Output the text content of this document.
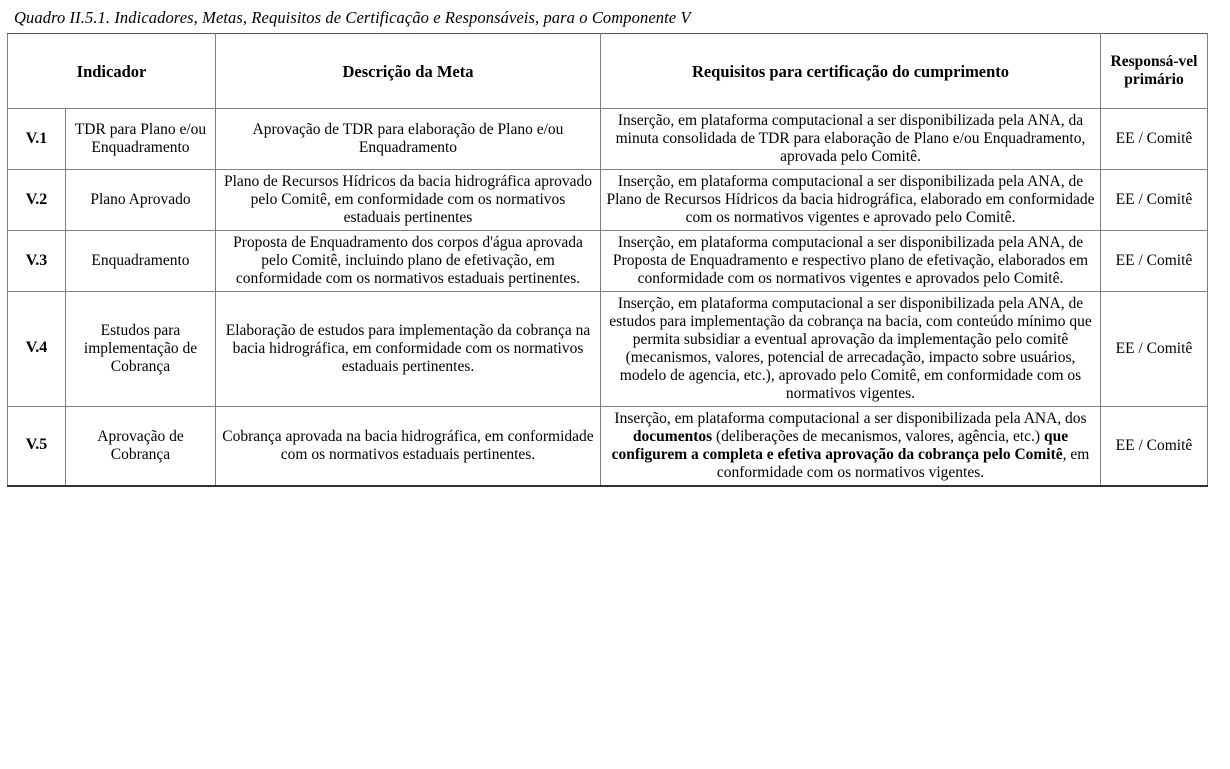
Quadro II.5.1. Indicadores, Metas, Requisitos de Certificação e Responsáveis, para o Componente V
Indicador		Descrição da Meta	Requisitos para certificação do cumprimento	Responsá-vel primário
V.1	TDR para Plano e/ou Enquadramento	Aprovação de TDR para elaboração de Plano e/ou Enquadramento	Inserção, em plataforma computacional a ser disponibilizada pela ANA, da minuta consolidada de TDR para elaboração de Plano e/ou Enquadramento, aprovada pelo Comitê.	EE / Comitê
V.2	Plano Aprovado	Plano de Recursos Hídricos da bacia hidrográfica aprovado pelo Comitê, em conformidade com os normativos estaduais pertinentes	Inserção, em plataforma computacional a ser disponibilizada pela ANA, de Plano de Recursos Hídricos da bacia hidrográfica, elaborado em conformidade com os normativos vigentes e aprovado pelo Comitê.	EE / Comitê
V.3	Enquadramento	Proposta de Enquadramento dos corpos d'água aprovada pelo Comitê, incluindo plano de efetivação, em conformidade com os normativos estaduais pertinentes.	Inserção, em plataforma computacional a ser disponibilizada pela ANA, de Proposta de Enquadramento e respectivo plano de efetivação, elaborados em conformidade com os normativos vigentes e aprovados pelo Comitê.	EE / Comitê
V.4	Estudos para implementação de Cobrança	Elaboração de estudos para implementação da cobrança na bacia hidrográfica, em conformidade com os normativos estaduais pertinentes.	Inserção, em plataforma computacional a ser disponibilizada pela ANA, de estudos para implementação da cobrança na bacia, com conteúdo mínimo que permita subsidiar a eventual aprovação da implementação pelo comitê (mecanismos, valores, potencial de arrecadação, impacto sobre usuários, modelo de agencia, etc.), aprovado pelo Comitê, em conformidade com os normativos vigentes.	EE / Comitê
V.5	Aprovação de Cobrança	Cobrança aprovada na bacia hidrográfica, em conformidade com os normativos estaduais pertinentes.	Inserção, em plataforma computacional a ser disponibilizada pela ANA, dos documentos (deliberações de mecanismos, valores, agência, etc.) que configurem a completa e efetiva aprovação da cobrança pelo Comitê, em conformidade com os normativos vigentes.	EE / Comitê
